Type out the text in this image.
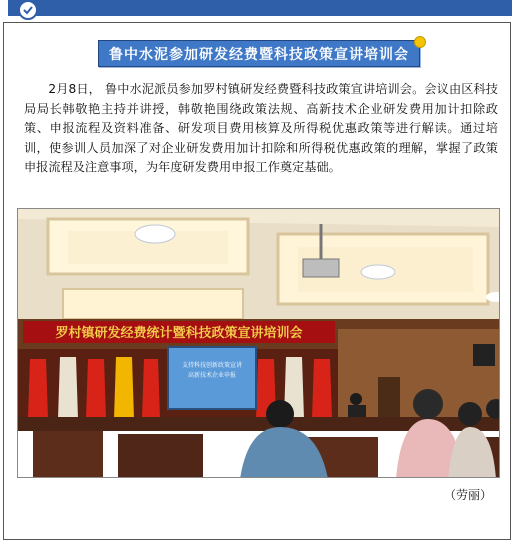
鲁中水泥参加研发经费暨科技政策宣讲培训会

2月8日， 鲁中水泥派员参加罗村镇研发经费暨科技政策宣讲培训会。会议由区科技局局长韩敬艳主持并讲授，韩敬艳围绕政策法规、高新技术企业研发费用加计扣除政策、申报流程及资料准备、研发项目费用核算及所得税优惠政策等进行解读。通过培训，使参训人员加深了对企业研发费用加计扣除和所得税优惠政策的理解，掌握了政策申报流程及注意事项，为年度研发费用申报工作奠定基础。

罗村镇研发经费统计暨科技政策宣讲培训会
支持科技创新政策宣讲
高新技术企业申报
（劳丽）
